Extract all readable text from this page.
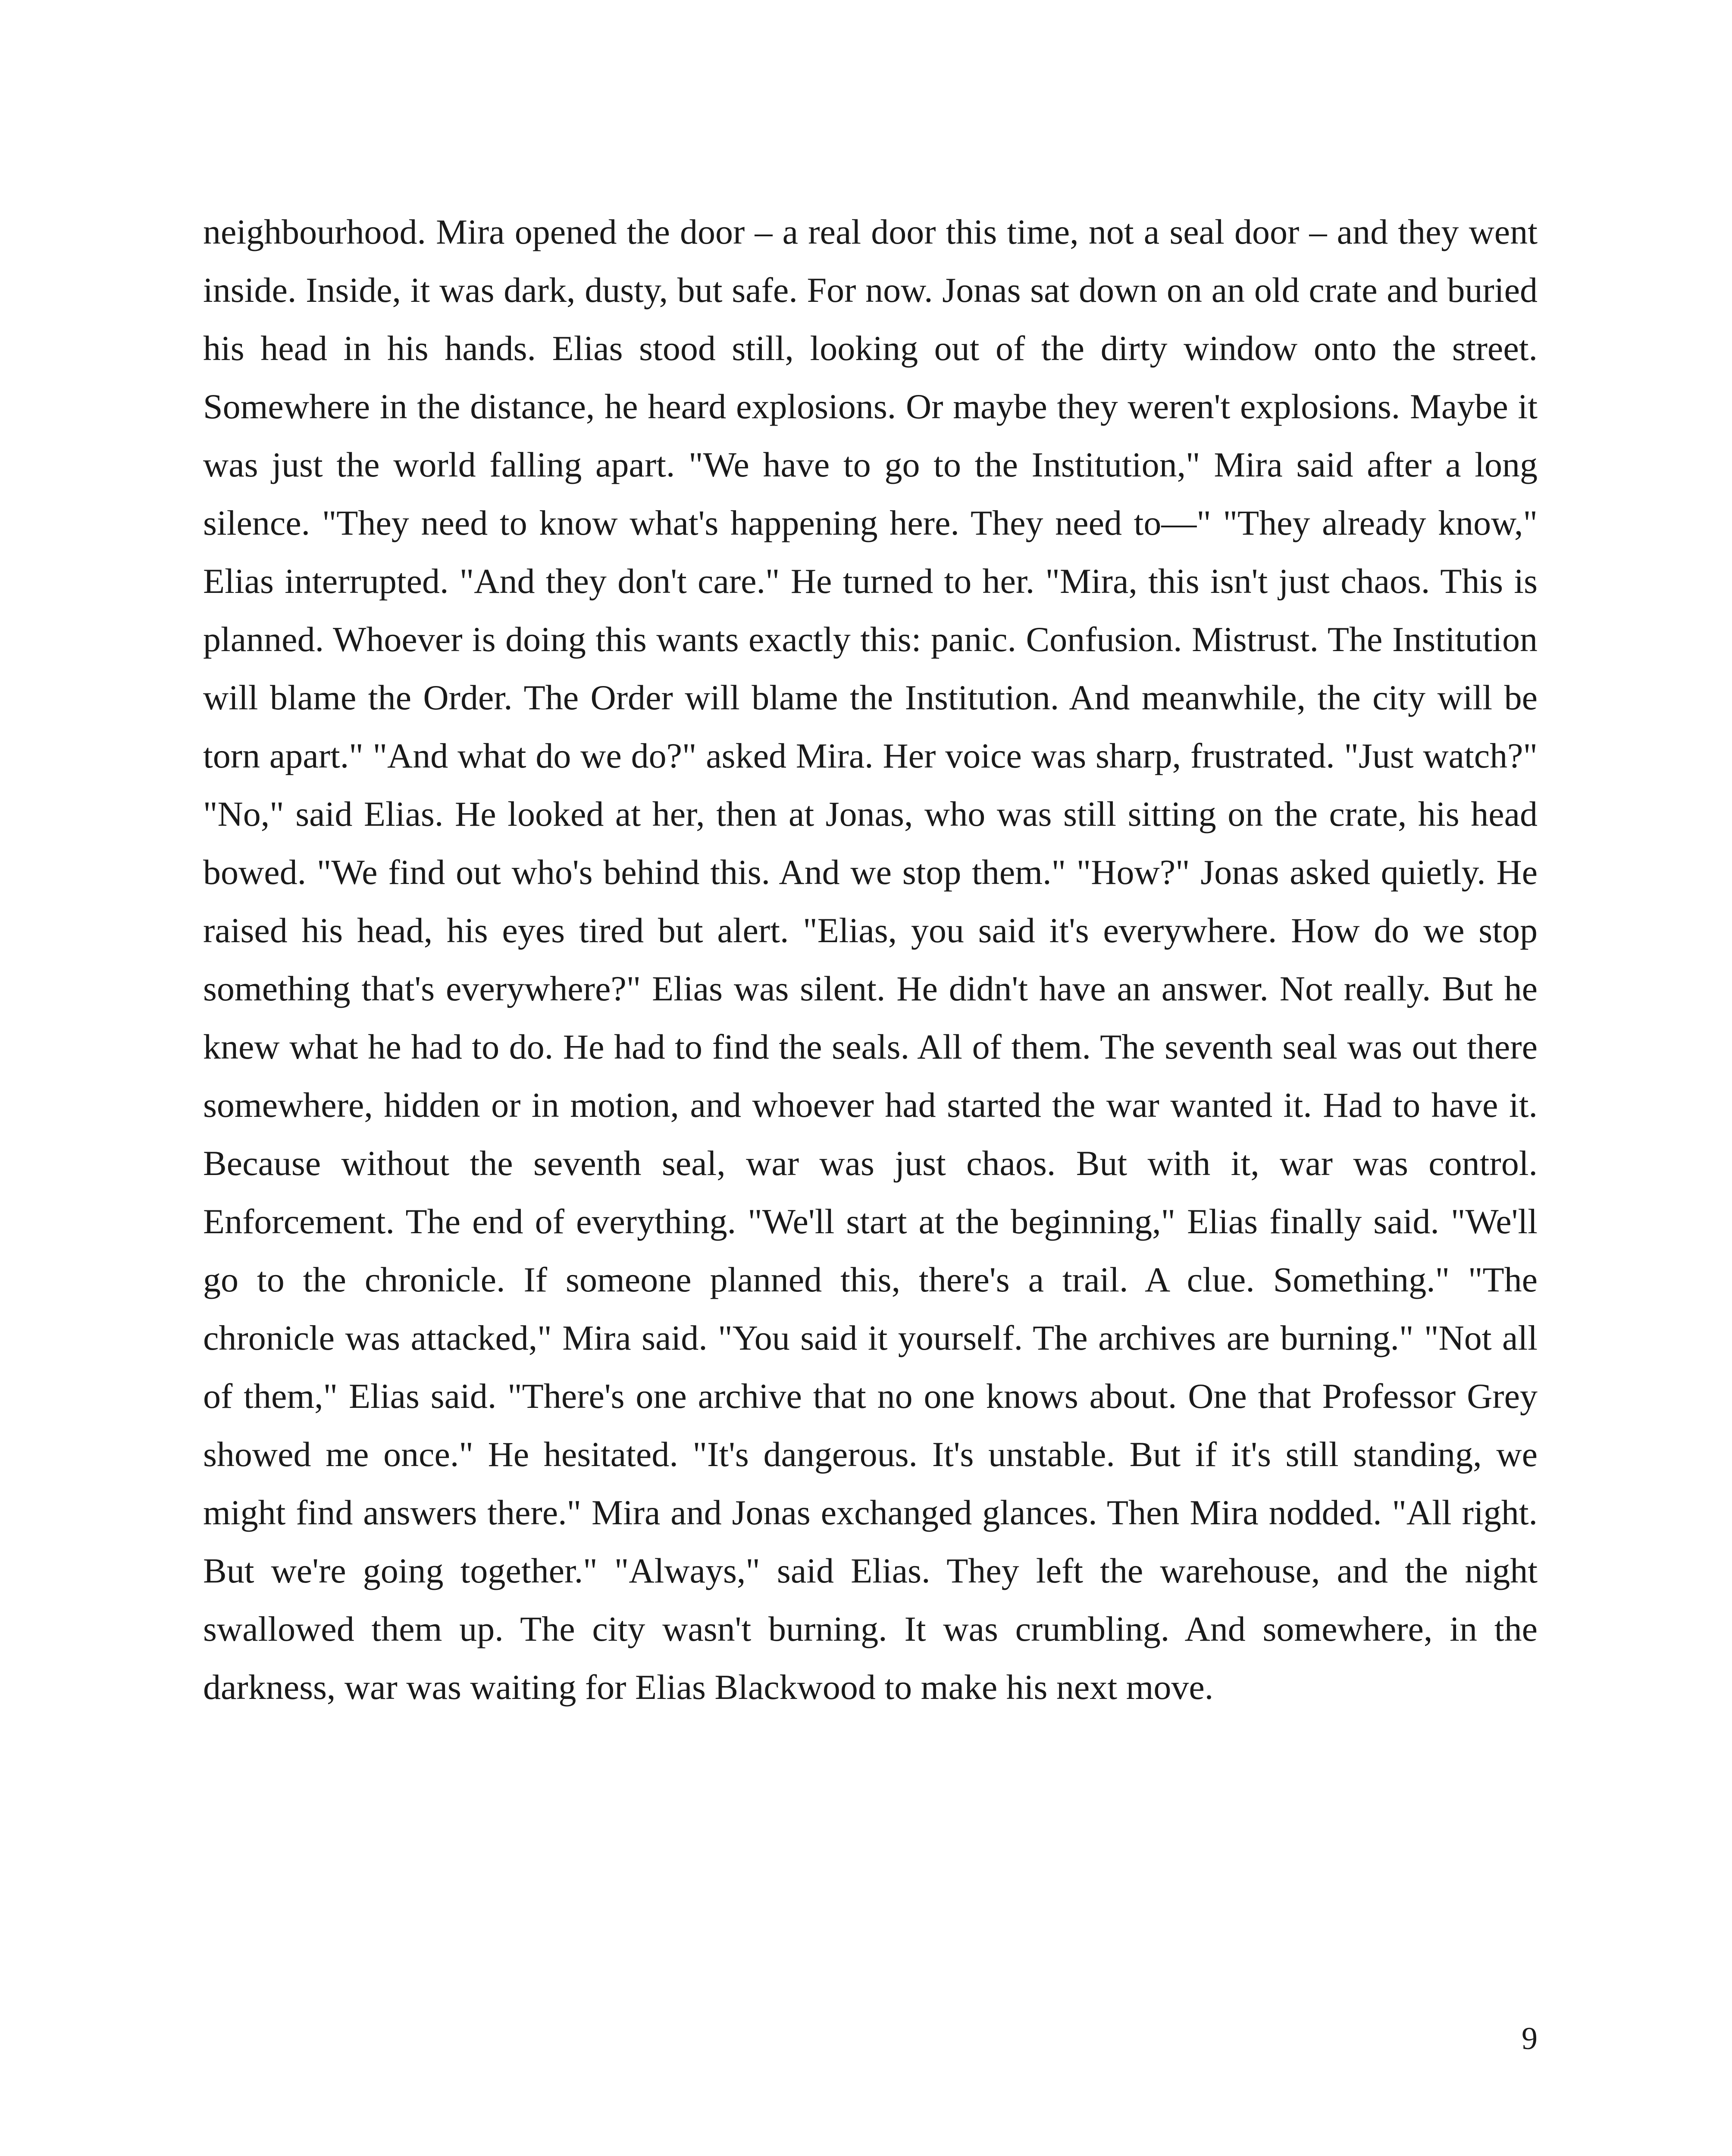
neighbourhood. Mira opened the door – a real door this time, not a seal door – and they went inside. Inside, it was dark, dusty, but safe. For now. Jonas sat down on an old crate and buried his head in his hands. Elias stood still, looking out of the dirty window onto the street. Somewhere in the distance, he heard explosions. Or maybe they weren't explosions. Maybe it was just the world falling apart. "We have to go to the Institution," Mira said after a long silence. "They need to know what's happening here. They need to—" "They already know," Elias interrupted. "And they don't care." He turned to her. "Mira, this isn't just chaos. This is planned. Whoever is doing this wants exactly this: panic. Confusion. Mistrust. The Institution will blame the Order. The Order will blame the Institution. And meanwhile, the city will be torn apart." "And what do we do?" asked Mira. Her voice was sharp, frustrated. "Just watch?" "No," said Elias. He looked at her, then at Jonas, who was still sitting on the crate, his head bowed. "We find out who's behind this. And we stop them." "How?" Jonas asked quietly. He raised his head, his eyes tired but alert. "Elias, you said it's everywhere. How do we stop something that's everywhere?" Elias was silent. He didn't have an answer. Not really. But he knew what he had to do. He had to find the seals. All of them. The seventh seal was out there somewhere, hidden or in motion, and whoever had started the war wanted it. Had to have it. Because without the seventh seal, war was just chaos. But with it, war was control. Enforcement. The end of everything. "We'll start at the beginning," Elias finally said. "We'll go to the chronicle. If someone planned this, there's a trail. A clue. Something." "The chronicle was attacked," Mira said. "You said it yourself. The archives are burning." "Not all of them," Elias said. "There's one archive that no one knows about. One that Professor Grey showed me once." He hesitated. "It's dangerous. It's unstable. But if it's still standing, we might find answers there." Mira and Jonas exchanged glances. Then Mira nodded. "All right. But we're going together." "Always," said Elias. They left the warehouse, and the night swallowed them up. The city wasn't burning. It was crumbling. And somewhere, in the darkness, war was waiting for Elias Blackwood to make his next move.

9
